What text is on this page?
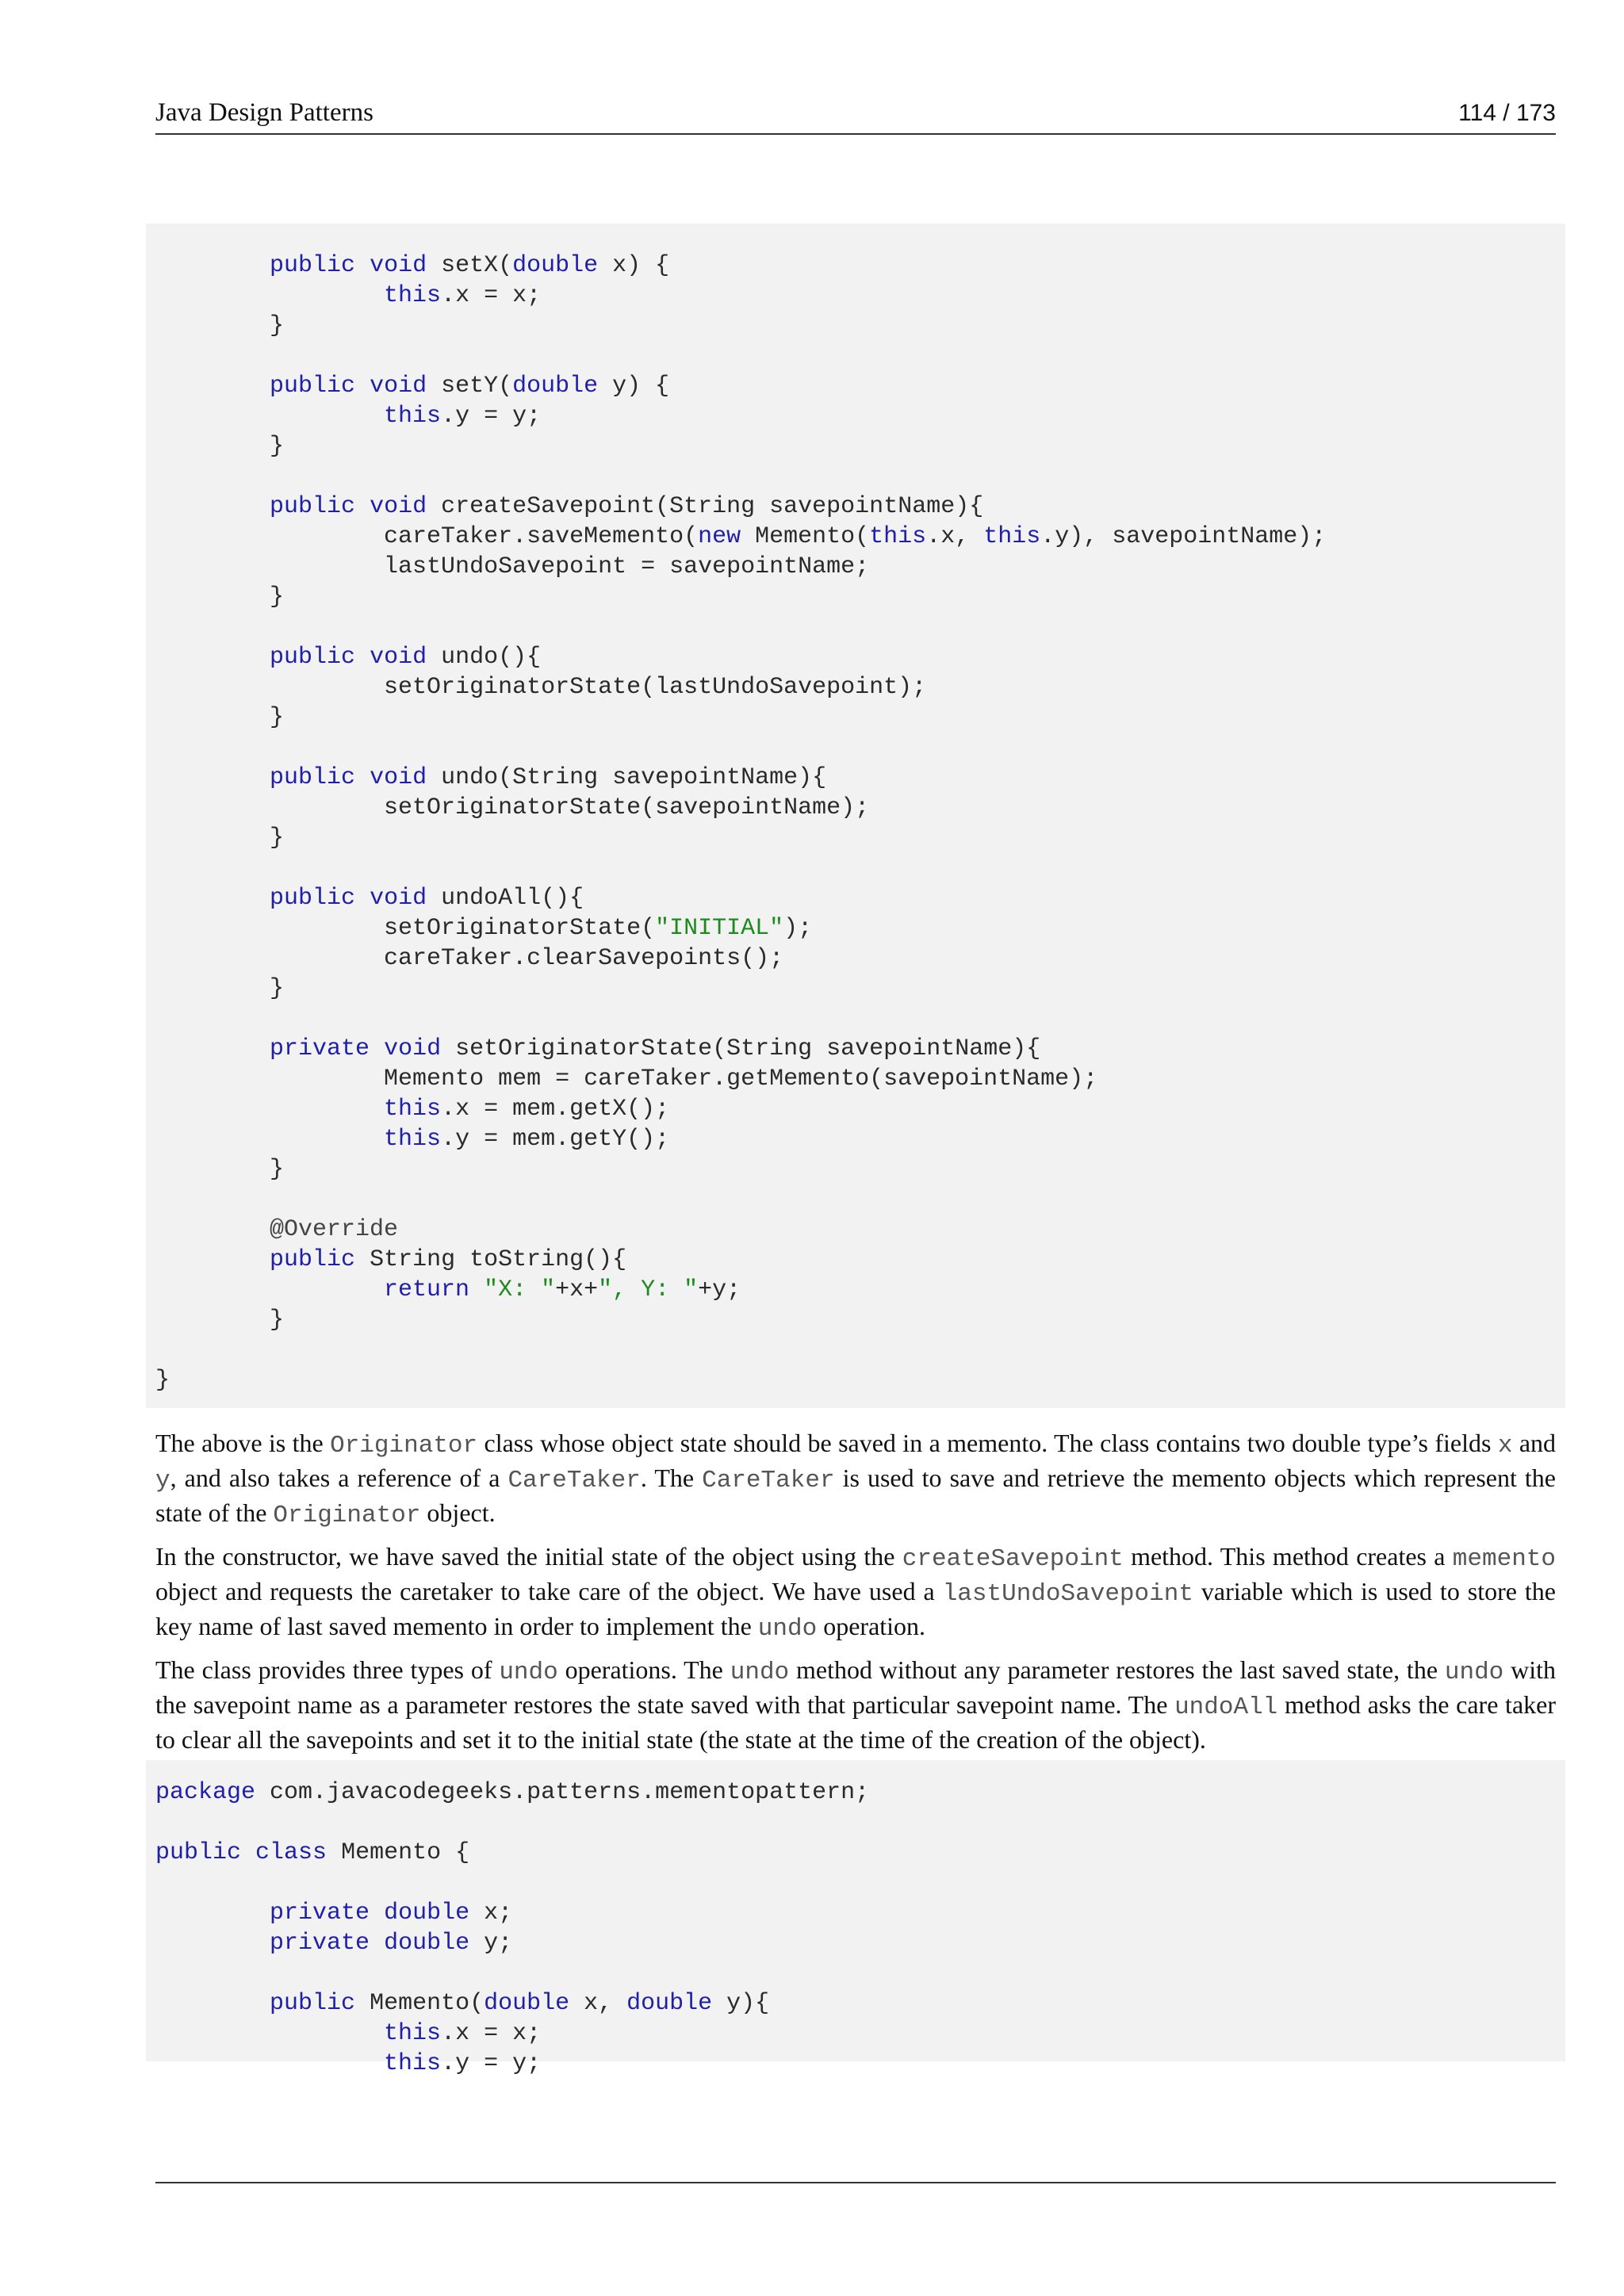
Java Design Patterns	114 / 173
public void setX(double x) {
this.x = x;
}
public void setY(double y) {
this.y = y;
}
public void createSavepoint(String savepointName){
careTaker.saveMemento(new Memento(this.x, this.y), savepointName);
lastUndoSavepoint = savepointName;
}
public void undo(){
setOriginatorState(lastUndoSavepoint);
}
public void undo(String savepointName){
setOriginatorState(savepointName);
}
public void undoAll(){
setOriginatorState("INITIAL");
careTaker.clearSavepoints();
}
private void setOriginatorState(String savepointName){
Memento mem = careTaker.getMemento(savepointName);
this.x = mem.getX();
this.y = mem.getY();
}
@Override
public String toString(){
return "X: "+x+", Y: "+y;
}
}

The above is the Originator class whose object state should be saved in a memento. The class contains two double type’s fields x and y, and also takes a reference of a CareTaker. The CareTaker is used to save and retrieve the memento objects which represent the state of the Originator object.

In the constructor, we have saved the initial state of the object using the createSavepoint method. This method creates a memento object and requests the caretaker to take care of the object. We have used a lastUndoSavepoint variable which is used to store the key name of last saved memento in order to implement the undo operation.

The class provides three types of undo operations. The undo method without any parameter restores the last saved state, the undo with the savepoint name as a parameter restores the state saved with that particular savepoint name. The undoAll method asks the care taker to clear all the savepoints and set it to the initial state (the state at the time of the creation of the object).

package com.javacodegeeks.patterns.mementopattern;
public class Memento {
private double x;
private double y;
public Memento(double x, double y){
this.x = x;
this.y = y;
